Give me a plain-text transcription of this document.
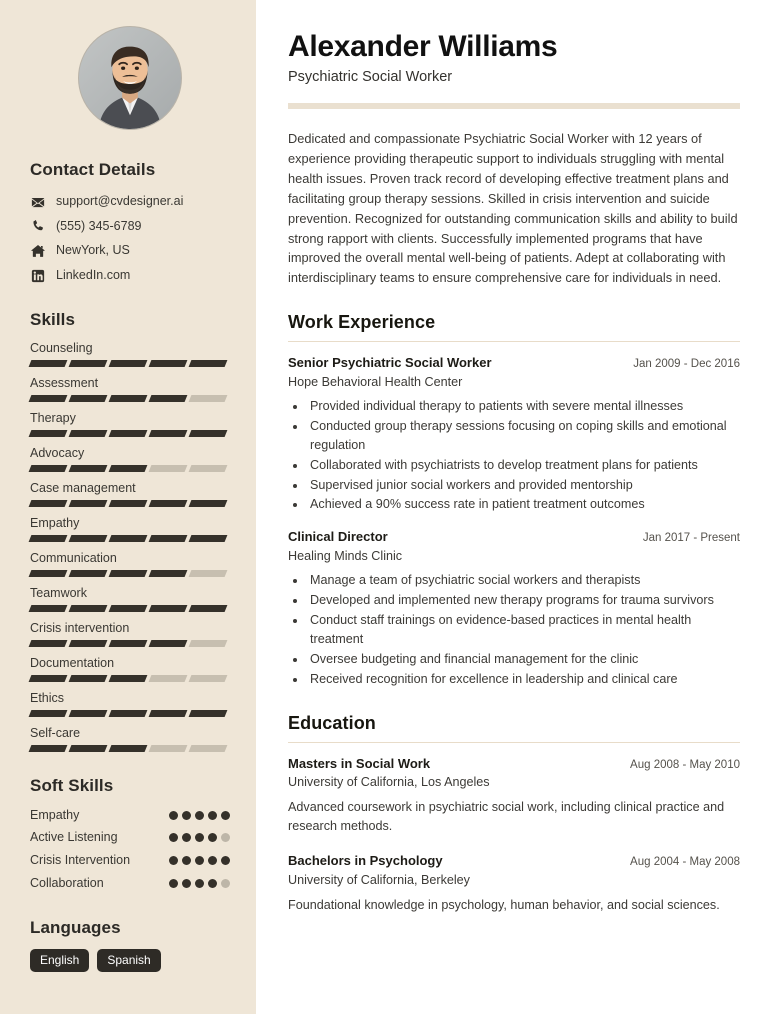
Contact Details
support@cvdesigner.ai
(555) 345-6789
NewYork, US
LinkedIn.com
Skills
Counseling
Assessment
Therapy
Advocacy
Case management
Empathy
Communication
Teamwork
Crisis intervention
Documentation
Ethics
Self-care
Soft Skills
Empathy
Active Listening
Crisis Intervention
Collaboration
Languages
English	Spanish
Alexander Williams
Psychiatric Social Worker

Dedicated and compassionate Psychiatric Social Worker with 12 years of experience providing therapeutic support to individuals struggling with mental health issues. Proven track record of developing effective treatment plans and facilitating group therapy sessions. Skilled in crisis intervention and suicide prevention. Recognized for outstanding communication skills and ability to build strong rapport with clients. Successfully implemented programs that have improved the overall mental well-being of patients. Adept at collaborating with interdisciplinary teams to ensure comprehensive care for individuals in need.

Work Experience
Senior Psychiatric Social Worker	Jan 2009 - Dec 2016
Hope Behavioral Health Center
• Provided individual therapy to patients with severe mental illnesses
• Conducted group therapy sessions focusing on coping skills and emotional regulation
• Collaborated with psychiatrists to develop treatment plans for patients
• Supervised junior social workers and provided mentorship
• Achieved a 90% success rate in patient treatment outcomes
Clinical Director	Jan 2017 - Present
Healing Minds Clinic
• Manage a team of psychiatric social workers and therapists
• Developed and implemented new therapy programs for trauma survivors
• Conduct staff trainings on evidence-based practices in mental health treatment
• Oversee budgeting and financial management for the clinic
• Received recognition for excellence in leadership and clinical care
Education
Masters in Social Work	Aug 2008 - May 2010
University of California, Los Angeles
Advanced coursework in psychiatric social work, including clinical practice and research methods.
Bachelors in Psychology	Aug 2004 - May 2008
University of California, Berkeley
Foundational knowledge in psychology, human behavior, and social sciences.
